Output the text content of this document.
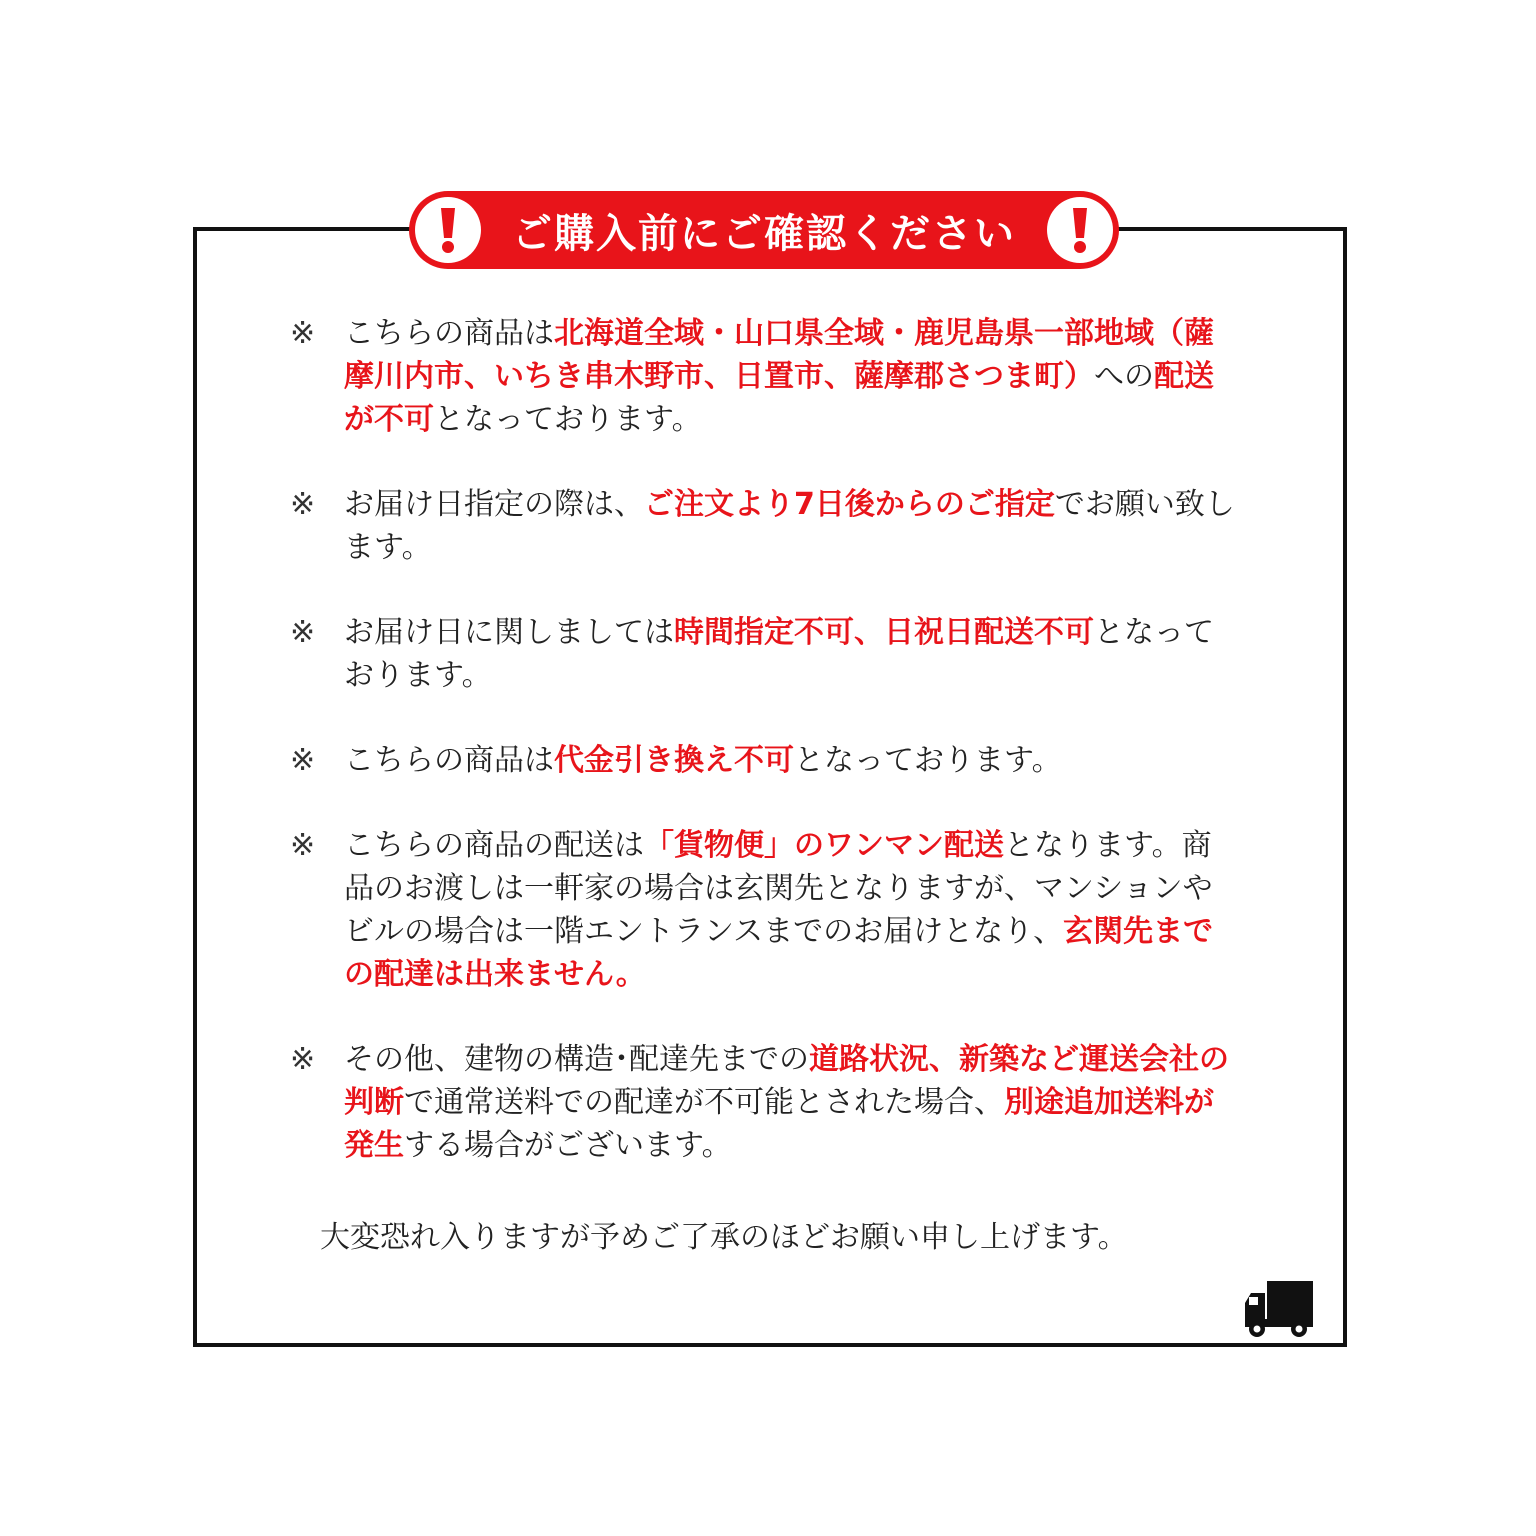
ご購入前にご確認ください
※ こちらの商品は北海道全域・山口県全域・鹿児島県一部地域（薩摩川内市、いちき串木野市、日置市、薩摩郡さつま町）への配送が不可となっております。
※ お届け日指定の際は、ご注文より7日後からのご指定でお願い致します。
※ お届け日に関しましては時間指定不可、日祝日配送不可となっております。
※ こちらの商品は代金引き換え不可となっております。
※ こちらの商品の配送は「貨物便」のワンマン配送となります。商品のお渡しは一軒家の場合は玄関先となりますが、マンションやビルの場合は一階エントランスまでのお届けとなり、玄関先までの配達は出来ません。
※ その他、建物の構造･配達先までの道路状況、新築など運送会社の判断で通常送料での配達が不可能とされた場合、別途追加送料が発生する場合がございます。
大変恐れ入りますが予めご了承のほどお願い申し上げます。
